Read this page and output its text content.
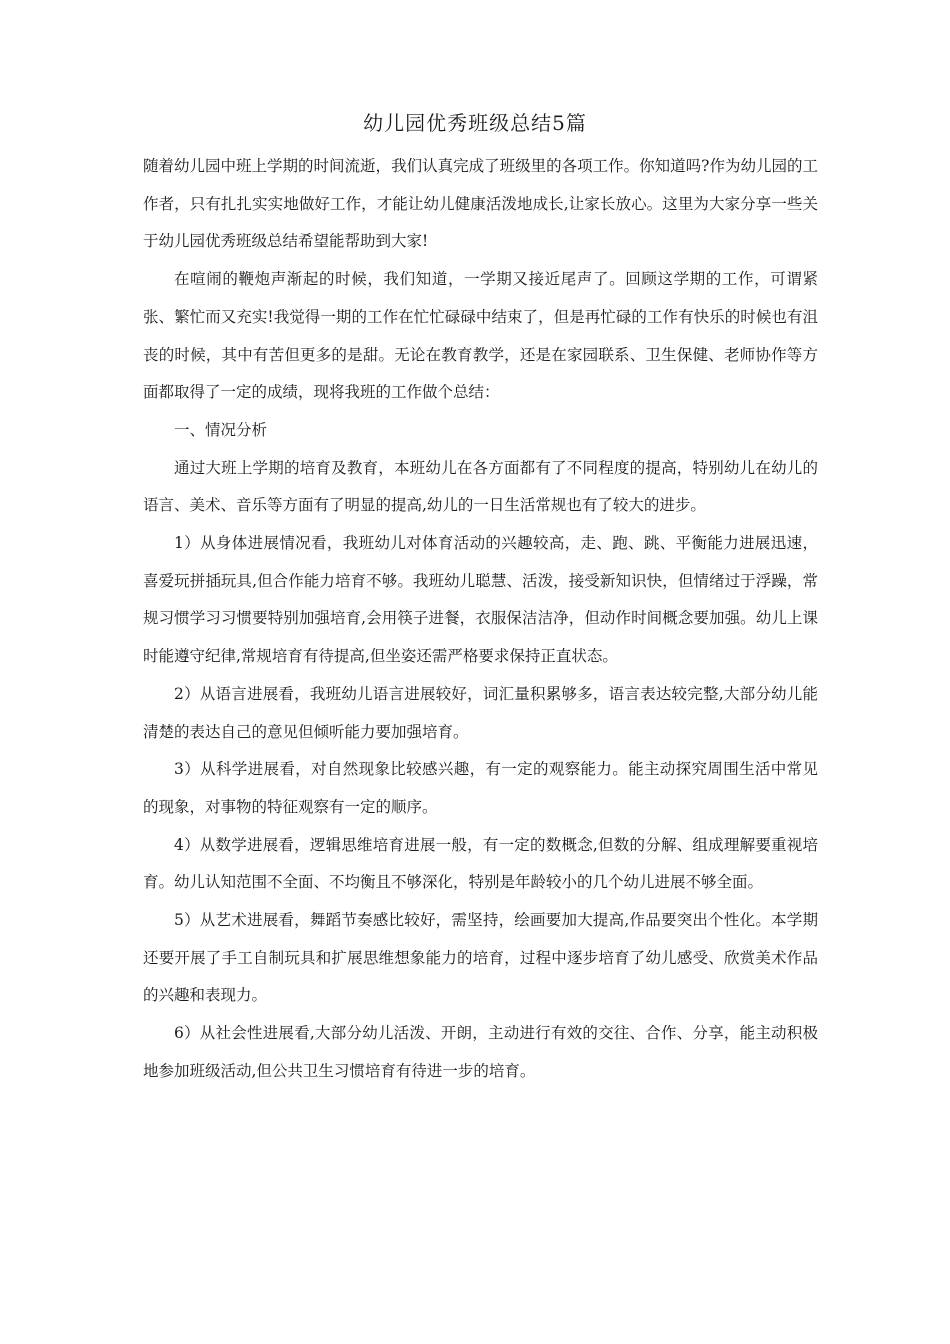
幼儿园优秀班级总结5篇

随着幼儿园中班上学期的时间流逝，我们认真完成了班级里的各项工作。你知道吗?作为幼儿园的工作者，只有扎扎实实地做好工作，才能让幼儿健康活泼地成长,让家长放心。这里为大家分享一些关于幼儿园优秀班级总结希望能帮助到大家!

在喧闹的鞭炮声渐起的时候，我们知道，一学期又接近尾声了。回顾这学期的工作，可谓紧张、繁忙而又充实!我觉得一期的工作在忙忙碌碌中结束了，但是再忙碌的工作有快乐的时候也有沮丧的时候，其中有苦但更多的是甜。无论在教育教学，还是在家园联系、卫生保健、老师协作等方面都取得了一定的成绩，现将我班的工作做个总结：

一、情况分析

通过大班上学期的培育及教育，本班幼儿在各方面都有了不同程度的提高，特别幼儿在幼儿的语言、美术、音乐等方面有了明显的提高,幼儿的一日生活常规也有了较大的进步。

1）从身体进展情况看，我班幼儿对体育活动的兴趣较高，走、跑、跳、平衡能力进展迅速，喜爱玩拼插玩具,但合作能力培育不够。我班幼儿聪慧、活泼，接受新知识快，但情绪过于浮躁，常规习惯学习习惯要特别加强培育,会用筷子进餐，衣服保洁洁净，但动作时间概念要加强。幼儿上课时能遵守纪律,常规培育有待提高,但坐姿还需严格要求保持正直状态。

2）从语言进展看，我班幼儿语言进展较好，词汇量积累够多，语言表达较完整,大部分幼儿能清楚的表达自己的意见但倾听能力要加强培育。

3）从科学进展看，对自然现象比较感兴趣，有一定的观察能力。能主动探究周围生活中常见的现象，对事物的特征观察有一定的顺序。

4）从数学进展看，逻辑思维培育进展一般，有一定的数概念,但数的分解、组成理解要重视培育。幼儿认知范围不全面、不均衡且不够深化，特别是年龄较小的几个幼儿进展不够全面。

5）从艺术进展看，舞蹈节奏感比较好，需坚持，绘画要加大提高,作品要突出个性化。本学期还要开展了手工自制玩具和扩展思维想象能力的培育，过程中逐步培育了幼儿感受、欣赏美术作品的兴趣和表现力。

6）从社会性进展看,大部分幼儿活泼、开朗，主动进行有效的交往、合作、分享，能主动积极地参加班级活动,但公共卫生习惯培育有待进一步的培育。
